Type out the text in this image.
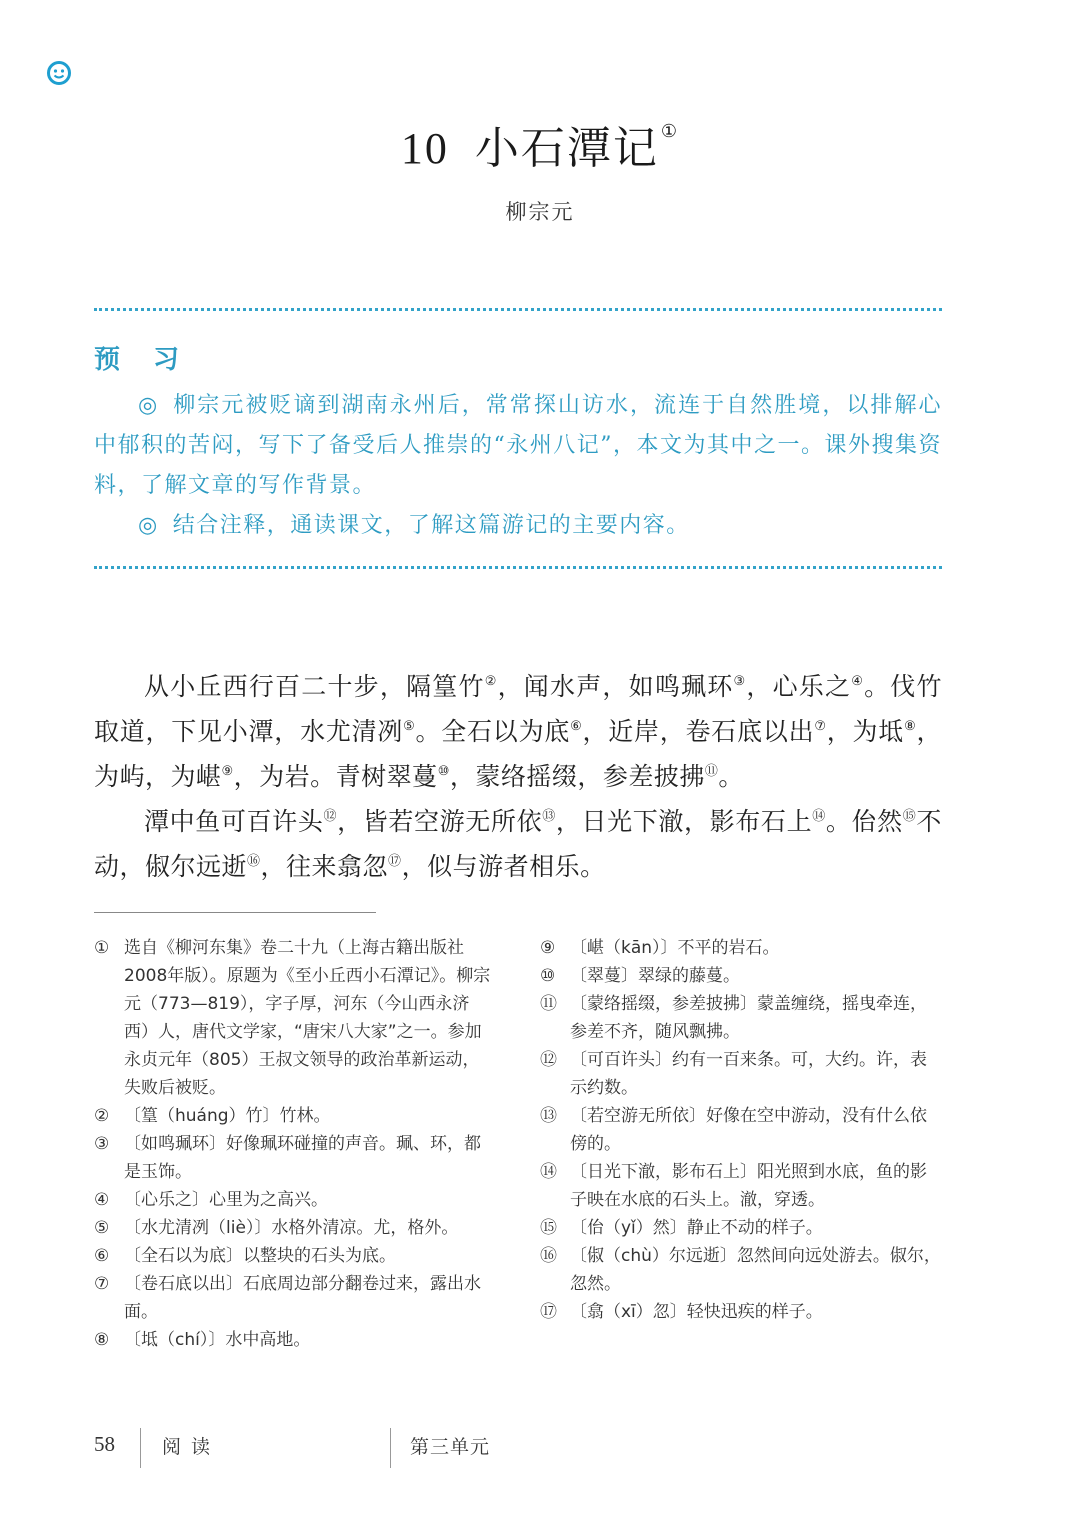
10 小石潭记 ①
柳宗元
预 习

◎ 柳宗元被贬谪到湖南永州后，常常探山访水，流连于自然胜境，以排解心中郁积的苦闷，写下了备受后人推崇的“永州八记”，本文为其中之一。课外搜集资料，了解文章的写作背景。

◎ 结合注释，通读课文，了解这篇游记的主要内容。

从小丘西行百二十步，隔篁竹②，闻水声，如鸣珮环③，心乐之④。伐竹取道，下见小潭，水尤清冽⑤。全石以为底⑥，近岸，卷石底以出⑦，为坻⑧，为屿，为嵁⑨，为岩。青树翠蔓⑩，蒙络摇缀，参差披拂⑪。

潭中鱼可百许头⑫，皆若空游无所依⑬，日光下澈，影布石上⑭。佁然⑮不动，俶尔远逝⑯，往来翕忽⑰，似与游者相乐。

① 选自《柳河东集》卷二十九（上海古籍出版社2008年版）。原题为《至小丘西小石潭记》。柳宗元（773—819），字子厚，河东（今山西永济西）人，唐代文学家，“唐宋八大家”之一。参加永贞元年（805）王叔文领导的政治革新运动，失败后被贬。

② 〔篁（huáng）竹〕竹林。

③ 〔如鸣珮环〕好像珮环碰撞的声音。珮、环，都是玉饰。

④ 〔心乐之〕心里为之高兴。

⑤ 〔水尤清冽（liè）〕水格外清凉。尤，格外。

⑥ 〔全石以为底〕以整块的石头为底。

⑦ 〔卷石底以出〕石底周边部分翻卷过来，露出水面。

⑧ 〔坻（chí）〕水中高地。

⑨ 〔嵁（kān）〕不平的岩石。

⑩ 〔翠蔓〕翠绿的藤蔓。

⑪ 〔蒙络摇缀，参差披拂〕蒙盖缠绕，摇曳牵连，参差不齐，随风飘拂。

⑫ 〔可百许头〕约有一百来条。可，大约。许，表示约数。

⑬ 〔若空游无所依〕好像在空中游动，没有什么依傍的。

⑭ 〔日光下澈，影布石上〕阳光照到水底，鱼的影子映在水底的石头上。澈，穿透。

⑮ 〔佁（yǐ）然〕静止不动的样子。

⑯ 〔俶（chù）尔远逝〕忽然间向远处游去。俶尔，忽然。

⑰ 〔翕（xī）忽〕轻快迅疾的样子。

58 阅读	第三单元
